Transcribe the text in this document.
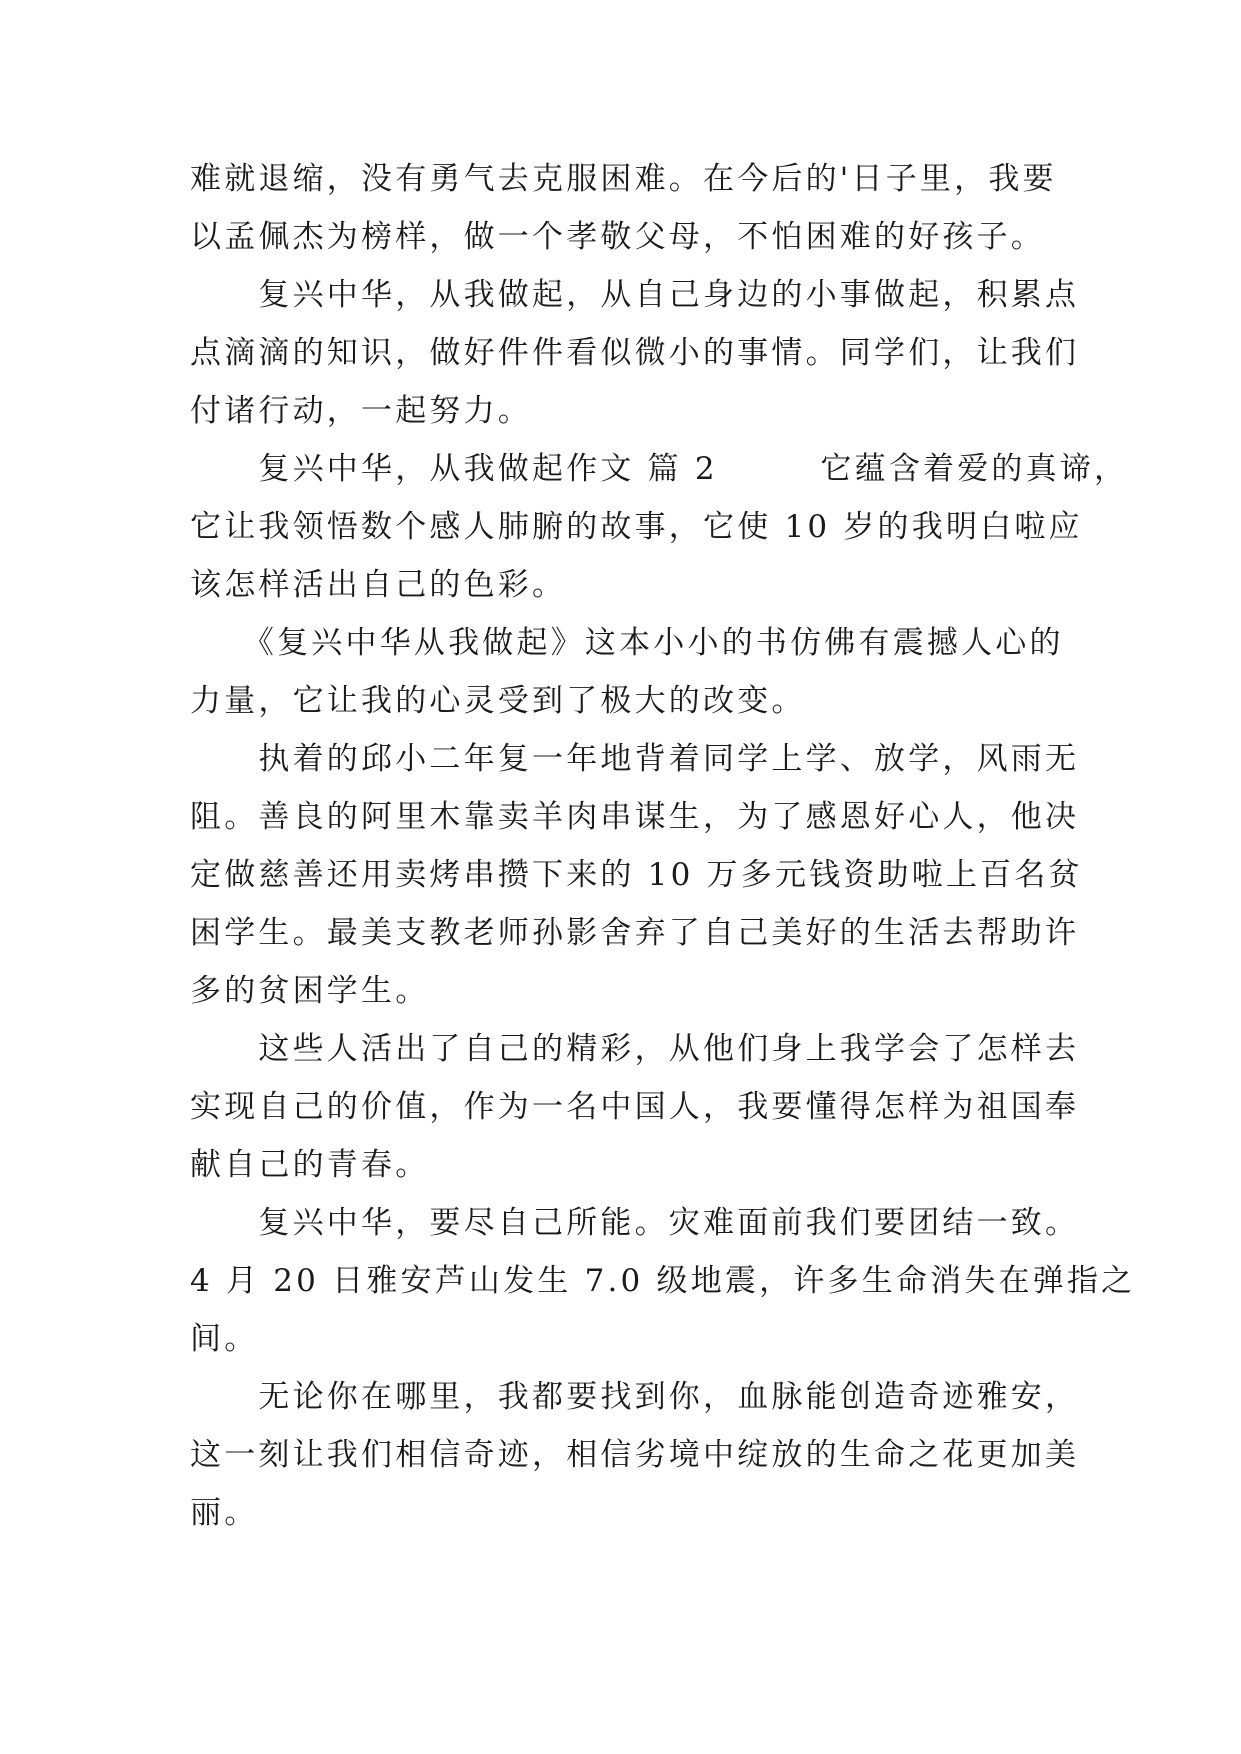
难就退缩，没有勇气去克服困难。在今后的'日子里，我要
以孟佩杰为榜样，做一个孝敬父母，不怕困难的好孩子。
　　复兴中华，从我做起，从自己身边的小事做起，积累点
点滴滴的知识，做好件件看似微小的事情。同学们，让我们
付诸行动，一起努力。
　　复兴中华，从我做起作文 篇 2　　　它蕴含着爱的真谛，
它让我领悟数个感人肺腑的故事，它使 10 岁的我明白啦应
该怎样活出自己的色彩。
　　《复兴中华从我做起》这本小小的书仿佛有震撼人心的
力量，它让我的心灵受到了极大的改变。
　　执着的邱小二年复一年地背着同学上学、放学，风雨无
阻。善良的阿里木靠卖羊肉串谋生，为了感恩好心人，他决
定做慈善还用卖烤串攒下来的 10 万多元钱资助啦上百名贫
困学生。最美支教老师孙影舍弃了自己美好的生活去帮助许
多的贫困学生。
　　这些人活出了自己的精彩，从他们身上我学会了怎样去
实现自己的价值，作为一名中国人，我要懂得怎样为祖国奉
献自己的青春。
　　复兴中华，要尽自己所能。灾难面前我们要团结一致。
4 月 20 日雅安芦山发生 7.0 级地震，许多生命消失在弹指之
间。
　　无论你在哪里，我都要找到你，血脉能创造奇迹雅安，
这一刻让我们相信奇迹，相信劣境中绽放的生命之花更加美
丽。
